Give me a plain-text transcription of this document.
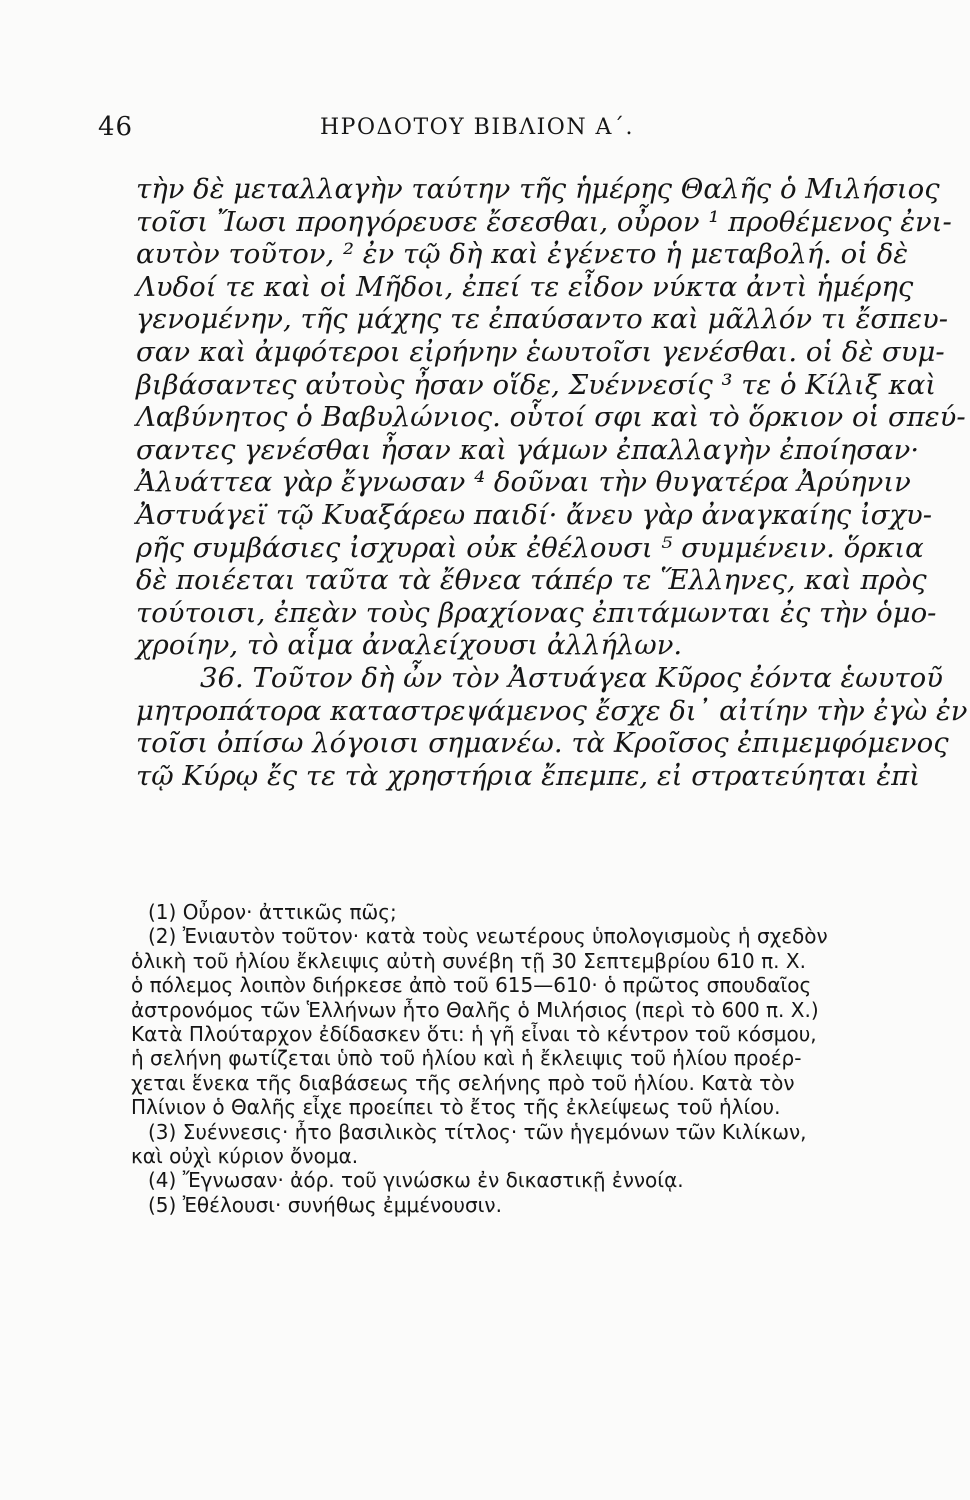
46	ΗΡΟΔΟΤΟΥ ΒΙΒΛΙΟΝ Α΄.
τὴν δὲ μεταλλαγὴν ταύτην τῆς ἡμέρης Θαλῆς ὁ Μιλήσιος
τοῖσι Ἴωσι προηγόρευσε ἔσεσθαι, οὖρον ¹ προθέμενος ἐνι-
αυτὸν τοῦτον, ² ἐν τῷ δὴ καὶ ἐγένετο ἡ μεταβολή. οἱ δὲ
Λυδοί τε καὶ οἱ Μῆδοι, ἐπεί τε εἶδον νύκτα ἀντὶ ἡμέρης
γενομένην, τῆς μάχης τε ἐπαύσαντο καὶ μᾶλλόν τι ἔσπευ-
σαν καὶ ἀμφότεροι εἰρήνην ἑωυτοῖσι γενέσθαι. οἱ δὲ συμ-
βιβάσαντες αὐτοὺς ἦσαν οἵδε, Συέννεσίς ³ τε ὁ Κίλιξ καὶ
Λαβύνητος ὁ Βαβυλώνιος. οὗτοί σφι καὶ τὸ ὅρκιον οἱ σπεύ-
σαντες γενέσθαι ἦσαν καὶ γάμων ἐπαλλαγὴν ἐποίησαν·
Ἀλυάττεα γὰρ ἔγνωσαν ⁴ δοῦναι τὴν θυγατέρα Ἀρύηνιν
Ἀστυάγεϊ τῷ Κυαξάρεω παιδί· ἄνευ γὰρ ἀναγκαίης ἰσχυ-
ρῆς συμβάσιες ἰσχυραὶ οὐκ ἐθέλουσι ⁵ συμμένειν. ὅρκια
δὲ ποιέεται ταῦτα τὰ ἔθνεα τάπέρ τε Ἕλληνες, καὶ πρὸς
τούτοισι, ἐπεὰν τοὺς βραχίονας ἐπιτάμωνται ἐς τὴν ὁμο-
χροίην, τὸ αἷμα ἀναλείχουσι ἀλλήλων.
36. Τοῦτον δὴ ὦν τὸν Ἀστυάγεα Κῦρος ἐόντα ἑωυτοῦ
μητροπάτορα καταστρεψάμενος ἔσχε δι᾽ αἰτίην τὴν ἐγὼ ἐν
τοῖσι ὀπίσω λόγοισι σημανέω. τὰ Κροῖσος ἐπιμεμφόμενος
τῷ Κύρῳ ἔς τε τὰ χρηστήρια ἔπεμπε, εἰ στρατεύηται ἐπὶ
(1) Οὖρον· ἀττικῶς πῶς;
(2) Ἐνιαυτὸν τοῦτον· κατὰ τοὺς νεωτέρους ὑπολογισμοὺς ἡ σχεδὸν
ὁλικὴ τοῦ ἡλίου ἔκλειψις αὐτὴ συνέβη τῇ 30 Σεπτεμβρίου 610 π. Χ.
ὁ πόλεμος λοιπὸν διήρκεσε ἀπὸ τοῦ 615—610· ὁ πρῶτος σπουδαῖος
ἀστρονόμος τῶν Ἑλλήνων ἦτο Θαλῆς ὁ Μιλήσιος (περὶ τὸ 600 π. Χ.)
Κατὰ Πλούταρχον ἐδίδασκεν ὅτι: ἡ γῆ εἶναι τὸ κέντρον τοῦ κόσμου,
ἡ σελήνη φωτίζεται ὑπὸ τοῦ ἡλίου καὶ ἡ ἔκλειψις τοῦ ἡλίου προέρ-
χεται ἕνεκα τῆς διαβάσεως τῆς σελήνης πρὸ τοῦ ἡλίου. Κατὰ τὸν
Πλίνιον ὁ Θαλῆς εἶχε προείπει τὸ ἔτος τῆς ἐκλείψεως τοῦ ἡλίου.
(3) Συέννεσις· ἦτο βασιλικὸς τίτλος· τῶν ἡγεμόνων τῶν Κιλίκων,
καὶ οὐχὶ κύριον ὄνομα.
(4) Ἔγνωσαν· ἀόρ. τοῦ γινώσκω ἐν δικαστικῇ ἐννοίᾳ.
(5) Ἐθέλουσι· συνήθως ἐμμένουσιν.
